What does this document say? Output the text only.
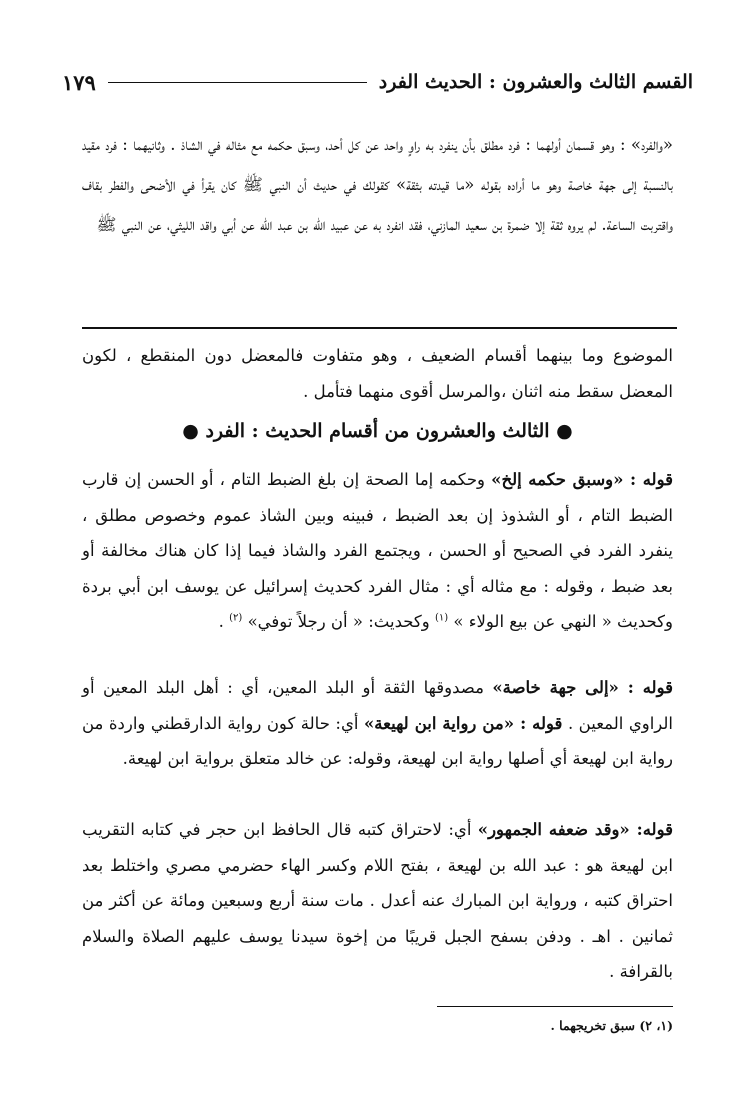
١٧٩	القسم الثالث والعشرون : الحديث الفرد
«والفرد» : وهو قسمان أولهما : فرد مطلق بأن ينفرد به راوٍ واحد عن كل أحد، وسبق حكمه مع مثاله في الشاذ . وثانيهما : فرد مقيد بالنسبة إلى جهة خاصة وهو ما أراده بقوله «ما قيدته بثقة» كقولك في حديث أن النبي ﷺ كان يقرأ في الأضحى والفطر بقاف واقتربت الساعة. لم يروه ثقة إلا ضمرة بن سعيد المازني، فقد انفرد به عن عبيد الله بن عبد الله عن أبي واقد الليثي، عن النبي ﷺ
الموضوع وما بينهما أقسام الضعيف ، وهو متفاوت فالمعضل دون المنقطع ، لكون المعضل سقط منه اثنان ،والمرسل أقوى منهما فتأمل .
● الثالث والعشرون من أقسام الحديث : الفرد ●
قوله : «وسبق حكمه إلخ» وحكمه إما الصحة إن بلغ الضبط التام ، أو الحسن إن قارب الضبط التام ، أو الشذوذ إن بعد الضبط ، فبينه وبين الشاذ عموم وخصوص مطلق ، ينفرد الفرد في الصحيح أو الحسن ، ويجتمع الفرد والشاذ فيما إذا كان هناك مخالفة أو بعد ضبط ، وقوله : مع مثاله أي : مثال الفرد كحديث إسرائيل عن يوسف ابن أبي بردة وكحديث « النهي عن بيع الولاء » $^{(١)}$ وكحديث: « أن رجلاً توفي» $^{(٢)}$ .
قوله : «إلى جهة خاصة» مصدوقها الثقة أو البلد المعين، أي : أهل البلد المعين أو الراوي المعين . قوله : «من رواية ابن لهيعة» أي: حالة كون رواية الدارقطني واردة من رواية ابن لهيعة أي أصلها رواية ابن لهيعة، وقوله: عن خالد متعلق برواية ابن لهيعة.
قوله: «وقد ضعفه الجمهور» أي: لاحتراق كتبه قال الحافظ ابن حجر في كتابه التقريب ابن لهيعة هو : عبد الله بن لهيعة ، بفتح اللام وكسر الهاء حضرمي مصري واختلط بعد احتراق كتبه ، ورواية ابن المبارك عنه أعدل . مات سنة أربع وسبعين ومائة عن أكثر من ثمانين . اهـ . ودفن بسفح الجبل قريبًا من إخوة سيدنا يوسف عليهم الصلاة والسلام بالقرافة .
(١، ٢) سبق تخريجهما .
